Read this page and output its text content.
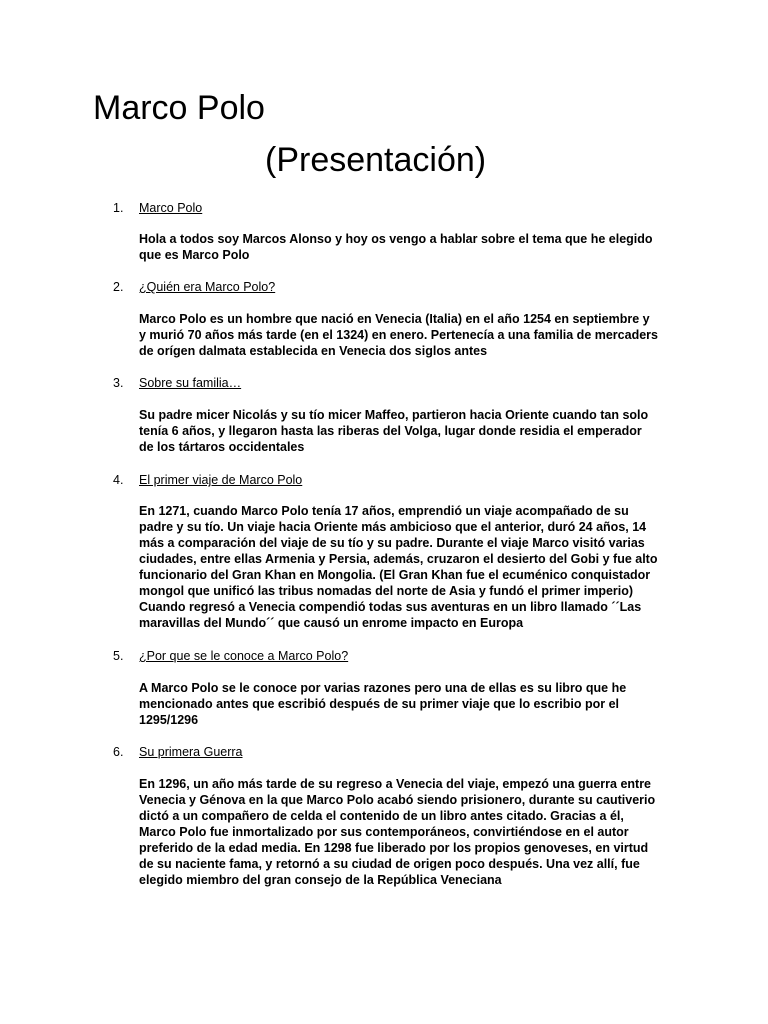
Marco Polo
(Presentación)
1. Marco Polo
Hola a todos soy Marcos Alonso y hoy os vengo a hablar sobre el tema que he elegido
que es Marco Polo
2. ¿Quién era Marco Polo?
Marco Polo es un hombre que nació en Venecia (Italia) en el año 1254 en septiembre y
y murió 70 años más tarde (en el 1324) en enero. Pertenecía a una familia de mercaders
de orígen dalmata establecida en Venecia dos siglos antes
3. Sobre su familia…
Su padre micer Nicolás y su tío micer Maffeo, partieron hacia Oriente cuando tan solo
tenía 6 años, y llegaron hasta las riberas del Volga, lugar donde residia el emperador
de los tártaros occidentales
4. El primer viaje de Marco Polo
En 1271, cuando Marco Polo tenía 17 años, emprendió un viaje acompañado de su
padre y su tío. Un viaje hacia Oriente más ambicioso que el anterior, duró 24 años, 14
más a comparación del viaje de su tío y su padre. Durante el viaje Marco visitó varias
ciudades, entre ellas Armenia y Persia, además, cruzaron el desierto del Gobi y fue alto
funcionario del Gran Khan en Mongolia. (El Gran Khan fue el ecuménico conquistador
mongol que unificó las tribus nomadas del norte de Asia y fundó el primer imperio)
Cuando regresó a Venecia compendió todas sus aventuras en un libro llamado ´´Las
maravillas del Mundo´´ que causó un enrome impacto en Europa
5. ¿Por que se le conoce a Marco Polo?
A Marco Polo se le conoce por varias razones pero una de ellas es su libro que he
mencionado antes que escribió después de su primer viaje que lo escribio por el
1295/1296
6. Su primera Guerra
En 1296, un año más tarde de su regreso a Venecia del viaje, empezó una guerra entre
Venecia y Génova en la que Marco Polo acabó siendo prisionero, durante su cautiverio
dictó a un compañero de celda el contenido de un libro antes citado. Gracias a él,
Marco Polo fue inmortalizado por sus contemporáneos, convirtiéndose en el autor
preferido de la edad media. En 1298 fue liberado por los propios genoveses, en virtud
de su naciente fama, y retornó a su ciudad de origen poco después. Una vez allí, fue
elegido miembro del gran consejo de la República Veneciana
